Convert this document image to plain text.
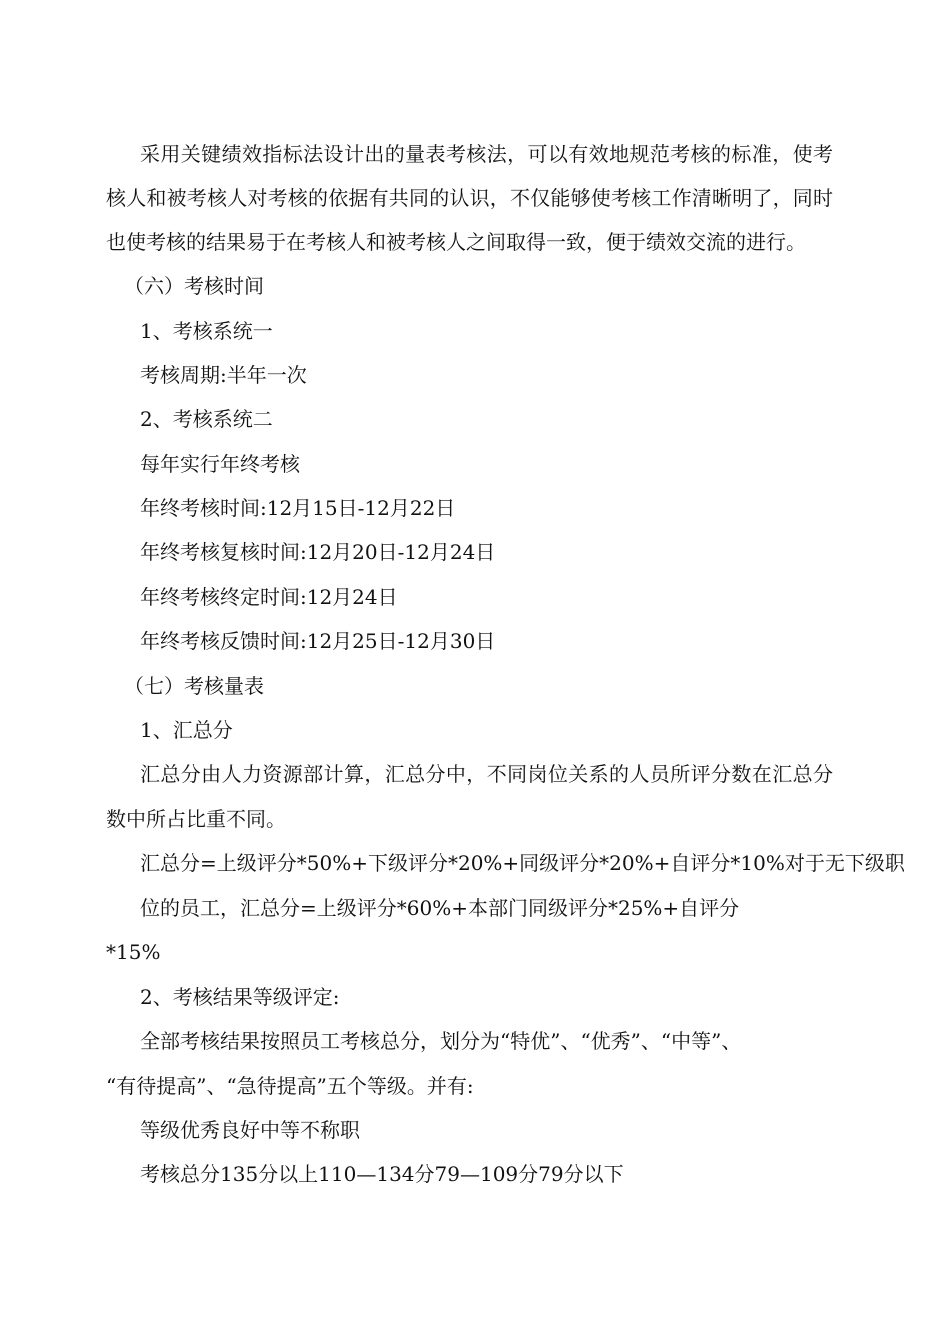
采用关键绩效指标法设计出的量表考核法，可以有效地规范考核的标准，使考

核人和被考核人对考核的依据有共同的认识，不仅能够使考核工作清晰明了，同时

也使考核的结果易于在考核人和被考核人之间取得一致，便于绩效交流的进行。

（六）考核时间

1、考核系统一

考核周期:半年一次

2、考核系统二

每年实行年终考核

年终考核时间:12月15日-12月22日

年终考核复核时间:12月20日-12月24日

年终考核终定时间:12月24日

年终考核反馈时间:12月25日-12月30日

（七）考核量表

1、汇总分

汇总分由人力资源部计算，汇总分中，不同岗位关系的人员所评分数在汇总分

数中所占比重不同。

汇总分=上级评分*50%+下级评分*20%+同级评分*20%+自评分*10%对于无下级职

位的员工，汇总分=上级评分*60%+本部门同级评分*25%+自评分

*15%

2、考核结果等级评定:

全部考核结果按照员工考核总分，划分为“特优”、“优秀”、“中等”、

“有待提高”、“急待提高”五个等级。并有:

等级优秀良好中等不称职

考核总分135分以上110—134分79—109分79分以下
